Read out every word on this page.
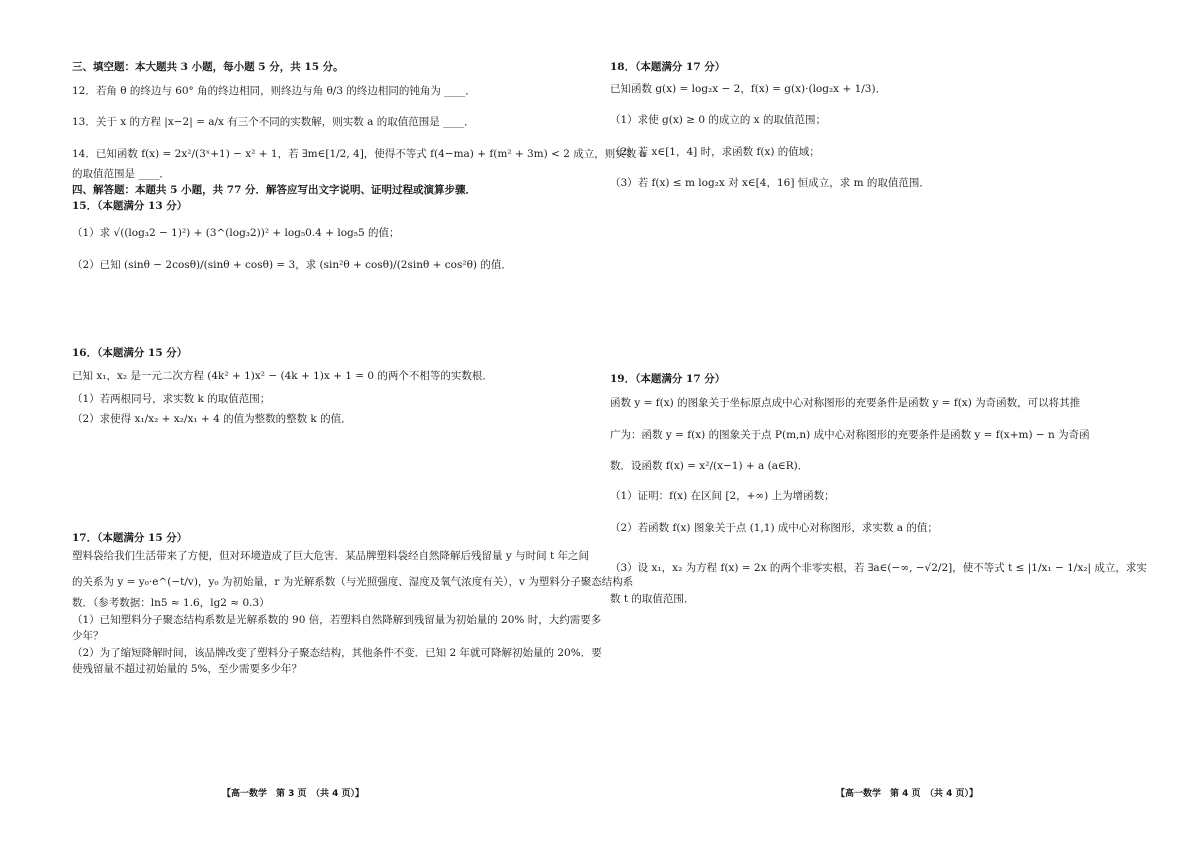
三、填空题：本大题共 3 小题，每小题 5 分，共 15 分。
12．若角 θ 的终边与 60° 角的终边相同，则终边与角 θ/3 的终边相同的钝角为 ____．
13．关于 x 的方程 |x−2| = a/x 有三个不同的实数解，则实数 a 的取值范围是 ____．
14．已知函数 f(x) = 2x²/(3ˣ+1) − x² + 1，若 ∃m∈[1/2, 4]，使得不等式 f(4−ma) + f(m² + 3m) < 2 成立，则实数 a
的取值范围是 ____．
四、解答题：本题共 5 小题，共 77 分．解答应写出文字说明、证明过程或演算步骤．
15．（本题满分 13 分）
（1）求 √((log₃2 − 1)²) + (3^(log₃2))² + log₅0.4 + log₅5 的值；
（2）已知 (sinθ − 2cosθ)/(sinθ + cosθ) = 3，求 (sin²θ + cosθ)/(2sinθ + cos²θ) 的值．
16．（本题满分 15 分）
已知 x₁，x₂ 是一元二次方程 (4k² + 1)x² − (4k + 1)x + 1 = 0 的两个不相等的实数根．
（1）若两根同号，求实数 k 的取值范围；
（2）求使得 x₁/x₂ + x₂/x₁ + 4 的值为整数的整数 k 的值．
17．（本题满分 15 分）
塑料袋给我们生活带来了方便，但对环境造成了巨大危害．某品牌塑料袋经自然降解后残留量 y 与时间 t 年之间
的关系为 y = y₀·e^(−t/v)，y₀ 为初始量，r 为光解系数（与光照强度、湿度及氧气浓度有关），v 为塑料分子聚态结构系
数．（参考数据：ln5 ≈ 1.6，lg2 ≈ 0.3）
（1）已知塑料分子聚态结构系数是光解系数的 90 倍，若塑料自然降解到残留量为初始量的 20% 时，大约需要多
少年？
（2）为了缩短降解时间，该品牌改变了塑料分子聚态结构，其他条件不变．已知 2 年就可降解初始量的 20%．要
使残留量不超过初始量的 5%，至少需要多少年？
【高一数学　第 3 页　（共 4 页）】
18．（本题满分 17 分）
已知函数 g(x) = log₂x − 2，f(x) = g(x)·(log₂x + 1/3)．
（1）求使 g(x) ≥ 0 的成立的 x 的取值范围；
（2）若 x∈[1，4] 时，求函数 f(x) 的值域；
（3）若 f(x) ≤ m log₂x 对 x∈[4，16] 恒成立，求 m 的取值范围．
19．（本题满分 17 分）
函数 y = f(x) 的图象关于坐标原点成中心对称图形的充要条件是函数 y = f(x) 为奇函数，可以将其推
广为：函数 y = f(x) 的图象关于点 P(m,n) 成中心对称图形的充要条件是函数 y = f(x+m) − n 为奇函
数．设函数 f(x) = x²/(x−1) + a (a∈R)．
（1）证明：f(x) 在区间 [2，+∞) 上为增函数；
（2）若函数 f(x) 图象关于点 (1,1) 成中心对称图形，求实数 a 的值；
（3）设 x₁，x₂ 为方程 f(x) = 2x 的两个非零实根，若 ∃a∈(−∞, −√2/2]，使不等式 t ≤ |1/x₁ − 1/x₂| 成立，求实
数 t 的取值范围．
【高一数学　第 4 页　（共 4 页）】
